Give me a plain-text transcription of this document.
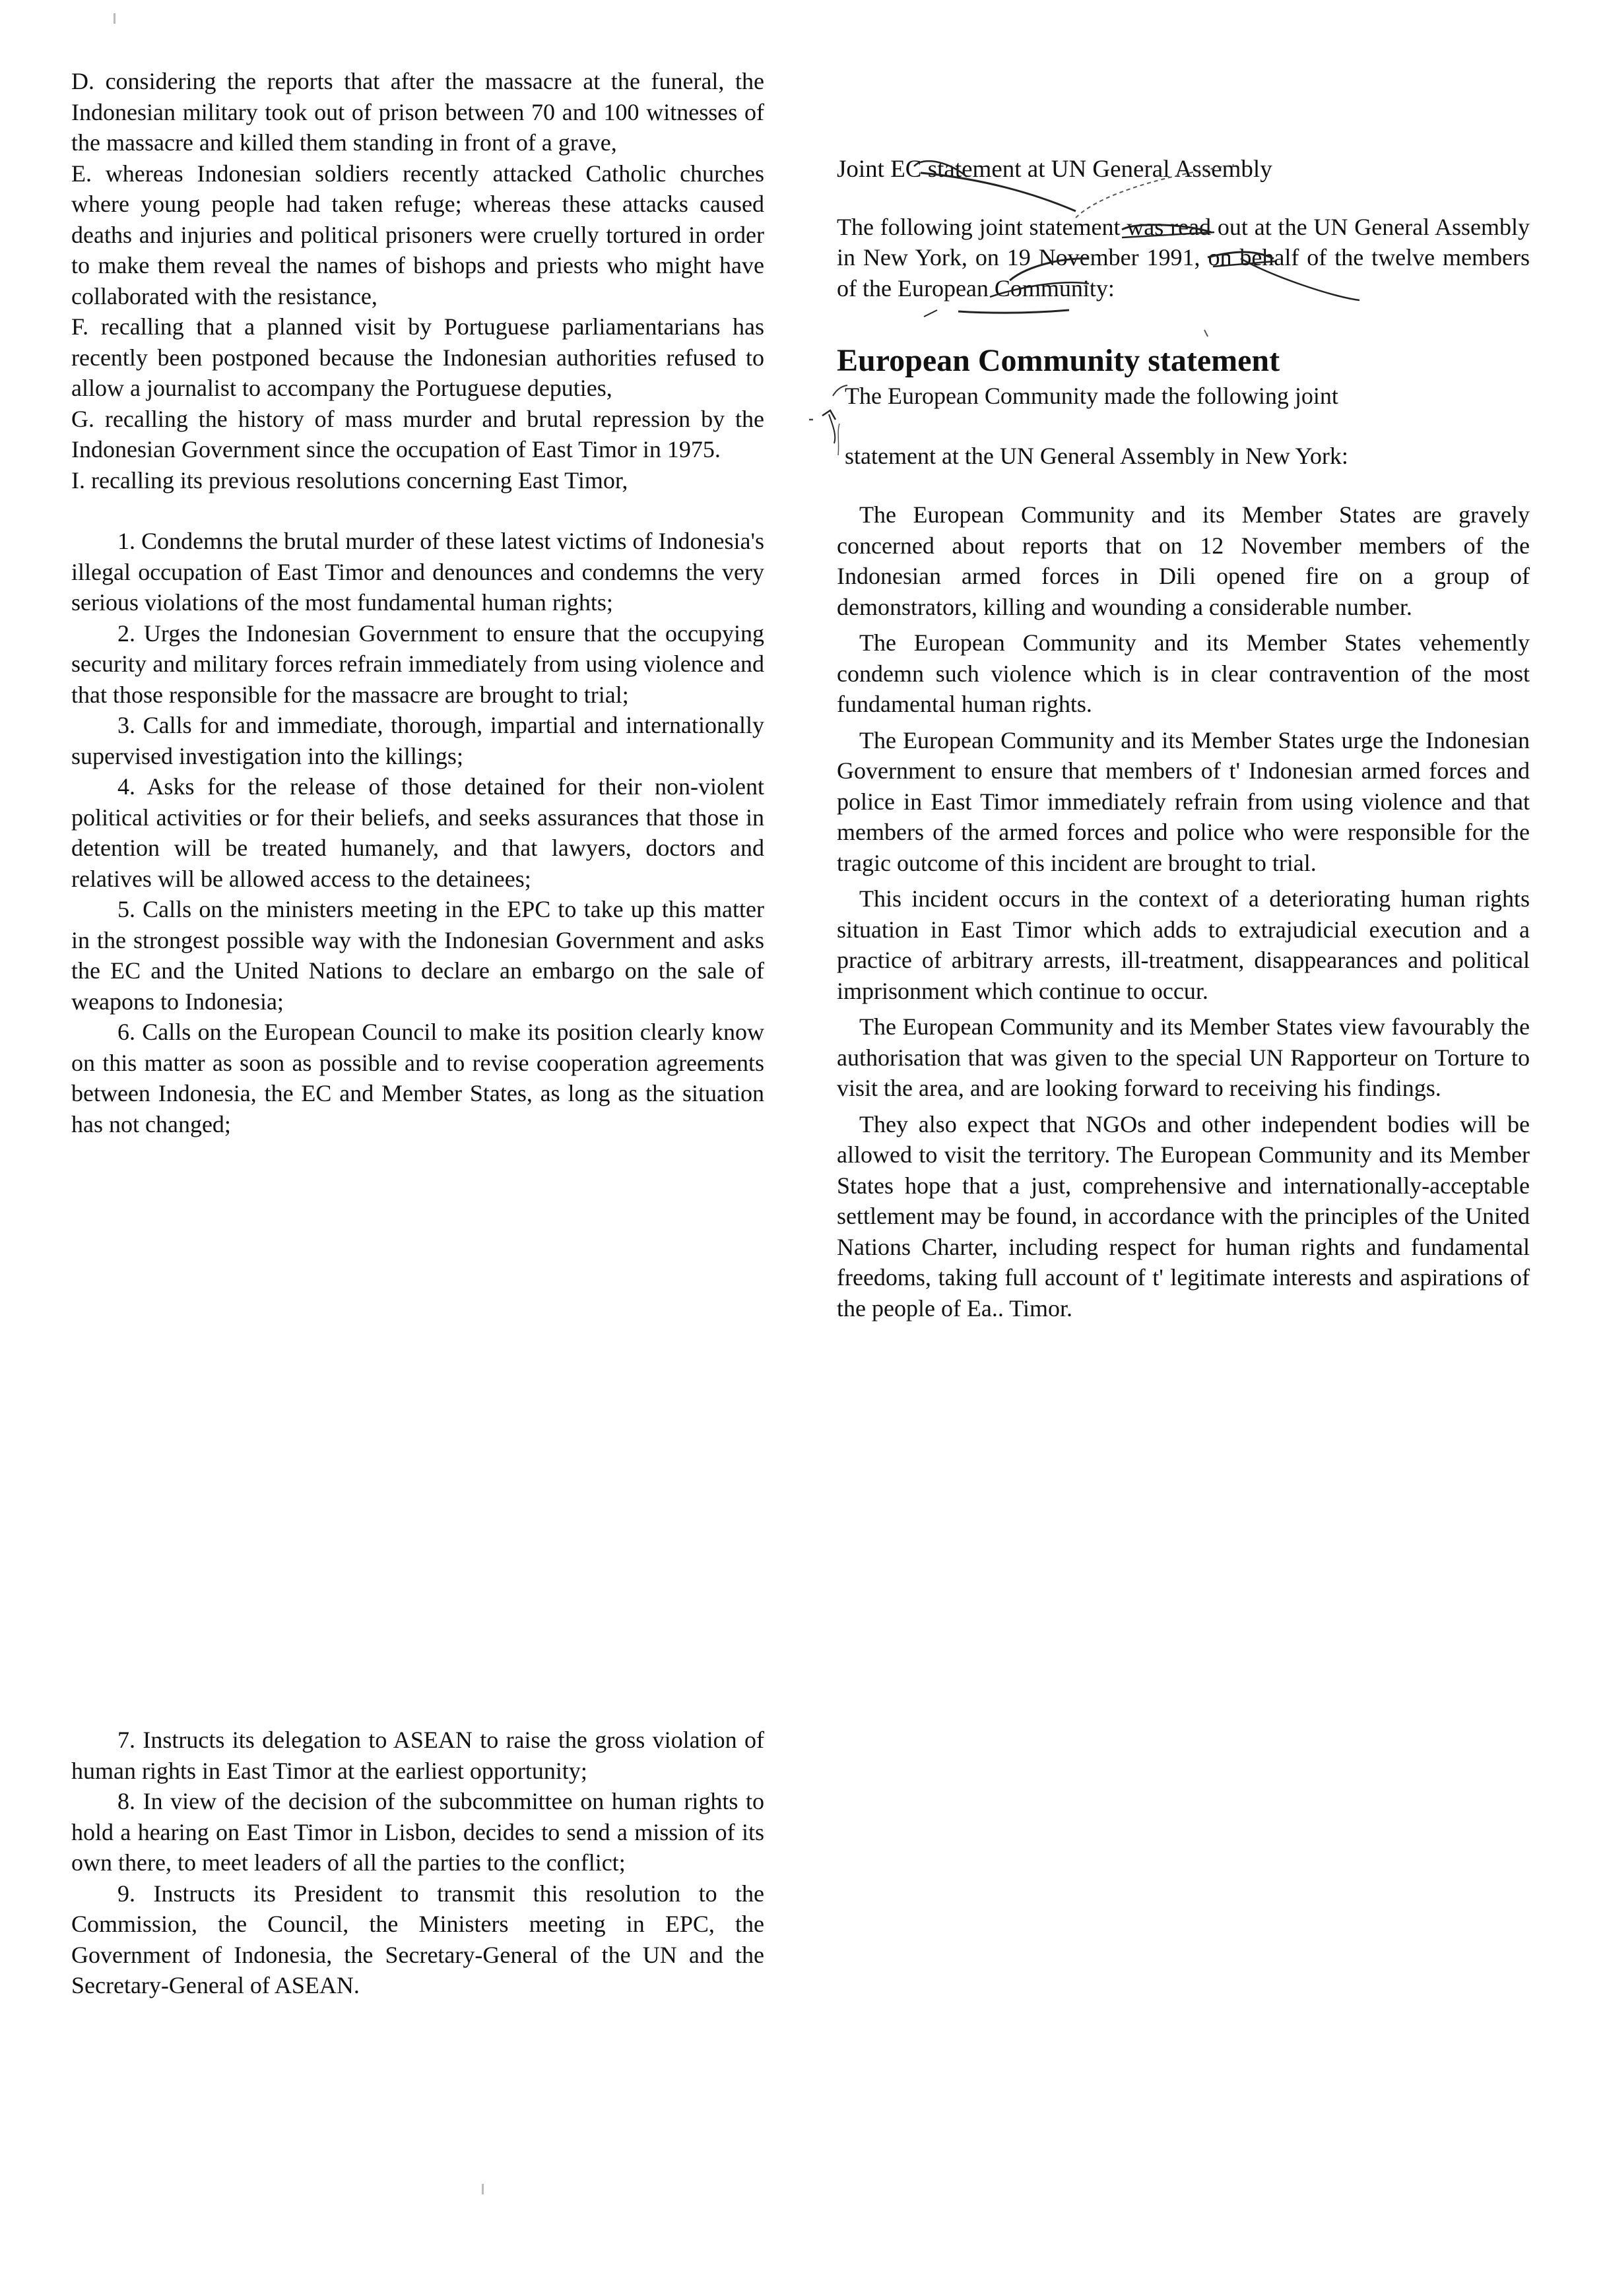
D. considering the reports that after the massacre at the funeral, the Indonesian military took out of prison between 70 and 100 witnesses of the massacre and killed them standing in front of a grave,

E. whereas Indonesian soldiers recently attacked Catholic churches where young people had taken refuge; whereas these attacks caused deaths and injuries and political prisoners were cruelly tortured in order to make them reveal the names of bishops and priests who might have collaborated with the resistance,

F. recalling that a planned visit by Portuguese parliamentarians has recently been postponed because the Indonesian authorities refused to allow a journalist to accompany the Portuguese deputies,

G. recalling the history of mass murder and brutal repression by the Indonesian Government since the occupation of East Timor in 1975.

I. recalling its previous resolutions concerning East Timor,

1. Condemns the brutal murder of these latest victims of Indonesia's illegal occupation of East Timor and denounces and condemns the very serious violations of the most fundamental human rights;

2. Urges the Indonesian Government to ensure that the occupying security and military forces refrain immediately from using violence and that those responsible for the massacre are brought to trial;

3. Calls for and immediate, thorough, impartial and internationally supervised investigation into the killings;

4. Asks for the release of those detained for their non-violent political activities or for their beliefs, and seeks assurances that those in detention will be treated humanely, and that lawyers, doctors and relatives will be allowed access to the detainees;

5. Calls on the ministers meeting in the EPC to take up this matter in the strongest possible way with the Indonesian Government and asks the EC and the United Nations to declare an embargo on the sale of weapons to Indonesia;

6. Calls on the European Council to make its position clearly know on this matter as soon as possible and to revise cooperation agreements between Indonesia, the EC and Member States, as long as the situation has not changed;

7. Instructs its delegation to ASEAN to raise the gross violation of human rights in East Timor at the earliest opportunity;

8. In view of the decision of the subcommittee on human rights to hold a hearing on East Timor in Lisbon, decides to send a mission of its own there, to meet leaders of all the parties to the conflict;

9. Instructs its President to transmit this resolution to the Commission, the Council, the Ministers meeting in EPC, the Government of Indonesia, the Secretary-General of the UN and the Secretary-General of ASEAN.

Joint EC statement at UN General Assembly

The following joint statement was read out at the UN General Assembly in New York, on 19 November 1991, on behalf of the twelve members of the European Community:

European Community statement
The European Community made the following joint
statement at the UN General Assembly in New York:

The European Community and its Member States are gravely concerned about reports that on 12 November members of the Indonesian armed forces in Dili opened fire on a group of demonstrators, killing and wounding a considerable number.

The European Community and its Member States vehemently condemn such violence which is in clear contravention of the most fundamental human rights.

The European Community and its Member States urge the Indonesian Government to ensure that members of t' Indonesian armed forces and police in East Timor immediately refrain from using violence and that members of the armed forces and police who were responsible for the tragic outcome of this incident are brought to trial.

This incident occurs in the context of a deteriorating human rights situation in East Timor which adds to extrajudicial execution and a practice of arbitrary arrests, ill-treatment, disappearances and political imprisonment which continue to occur.

The European Community and its Member States view favourably the authorisation that was given to the special UN Rapporteur on Torture to visit the area, and are looking forward to receiving his findings.

They also expect that NGOs and other independent bodies will be allowed to visit the territory. The European Community and its Member States hope that a just, comprehensive and internationally-acceptable settlement may be found, in accordance with the principles of the United Nations Charter, including respect for human rights and fundamental freedoms, taking full account of t' legitimate interests and aspirations of the people of Ea.. Timor.
